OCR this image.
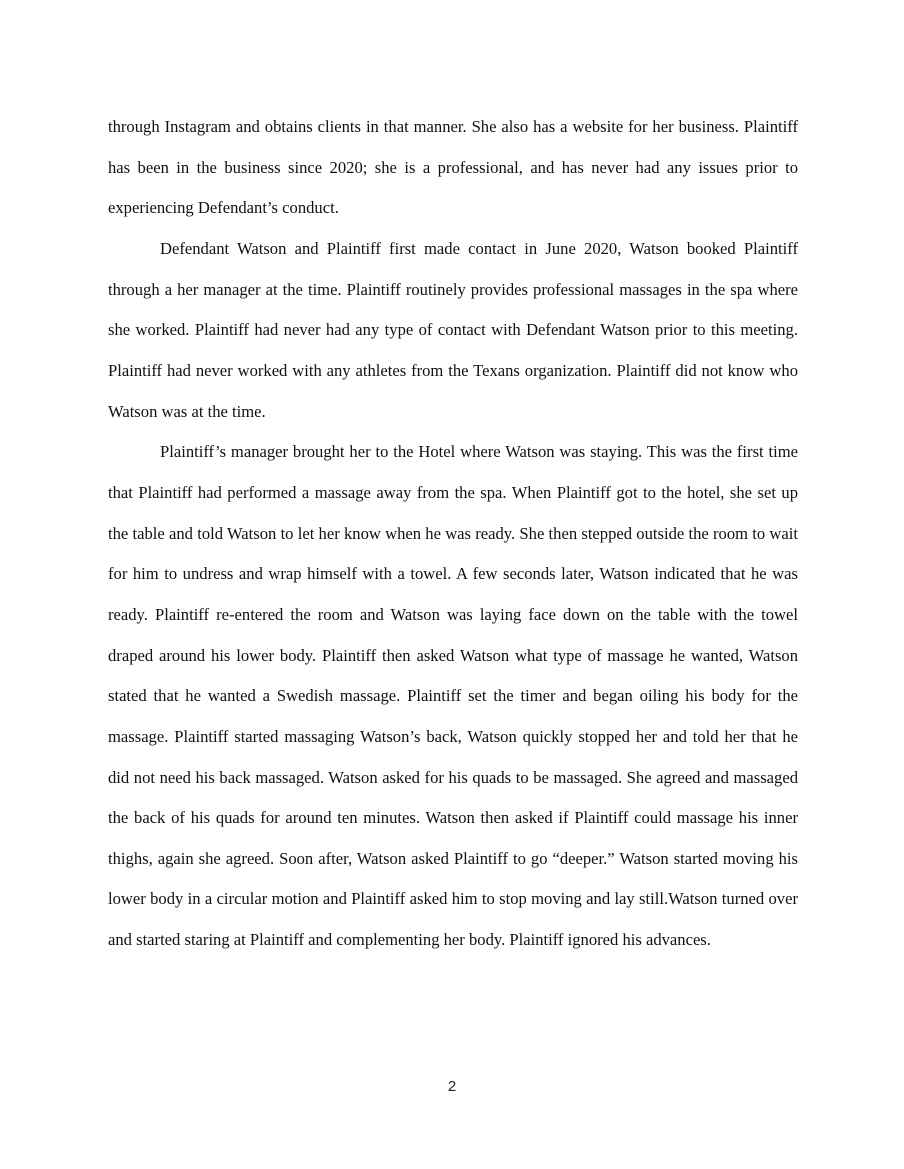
through Instagram and obtains clients in that manner. She also has a website for her business. Plaintiff has been in the business since 2020; she is a professional, and has never had any issues prior to experiencing Defendant’s conduct.

Defendant Watson and Plaintiff first made contact in June 2020, Watson booked Plaintiff through a her manager at the time. Plaintiff routinely provides professional massages in the spa where she worked. Plaintiff had never had any type of contact with Defendant Watson prior to this meeting. Plaintiff had never worked with any athletes from the Texans organization. Plaintiff did not know who Watson was at the time.

Plaintiff’s manager brought her to the Hotel where Watson was staying. This was the first time that Plaintiff had performed a massage away from the spa. When Plaintiff got to the hotel, she set up the table and told Watson to let her know when he was ready. She then stepped outside the room to wait for him to undress and wrap himself with a towel. A few seconds later, Watson indicated that he was ready. Plaintiff re-entered the room and Watson was laying face down on the table with the towel draped around his lower body. Plaintiff then asked Watson what type of massage he wanted, Watson stated that he wanted a Swedish massage. Plaintiff set the timer and began oiling his body for the massage. Plaintiff started massaging Watson’s back, Watson quickly stopped her and told her that he did not need his back massaged. Watson asked for his quads to be massaged. She agreed and massaged the back of his quads for around ten minutes. Watson then asked if Plaintiff could massage his inner thighs, again she agreed. Soon after, Watson asked Plaintiff to go “deeper.” Watson started moving his lower body in a circular motion and Plaintiff asked him to stop moving and lay still.Watson turned over and started staring at Plaintiff and complementing her body. Plaintiff ignored his advances.

2
